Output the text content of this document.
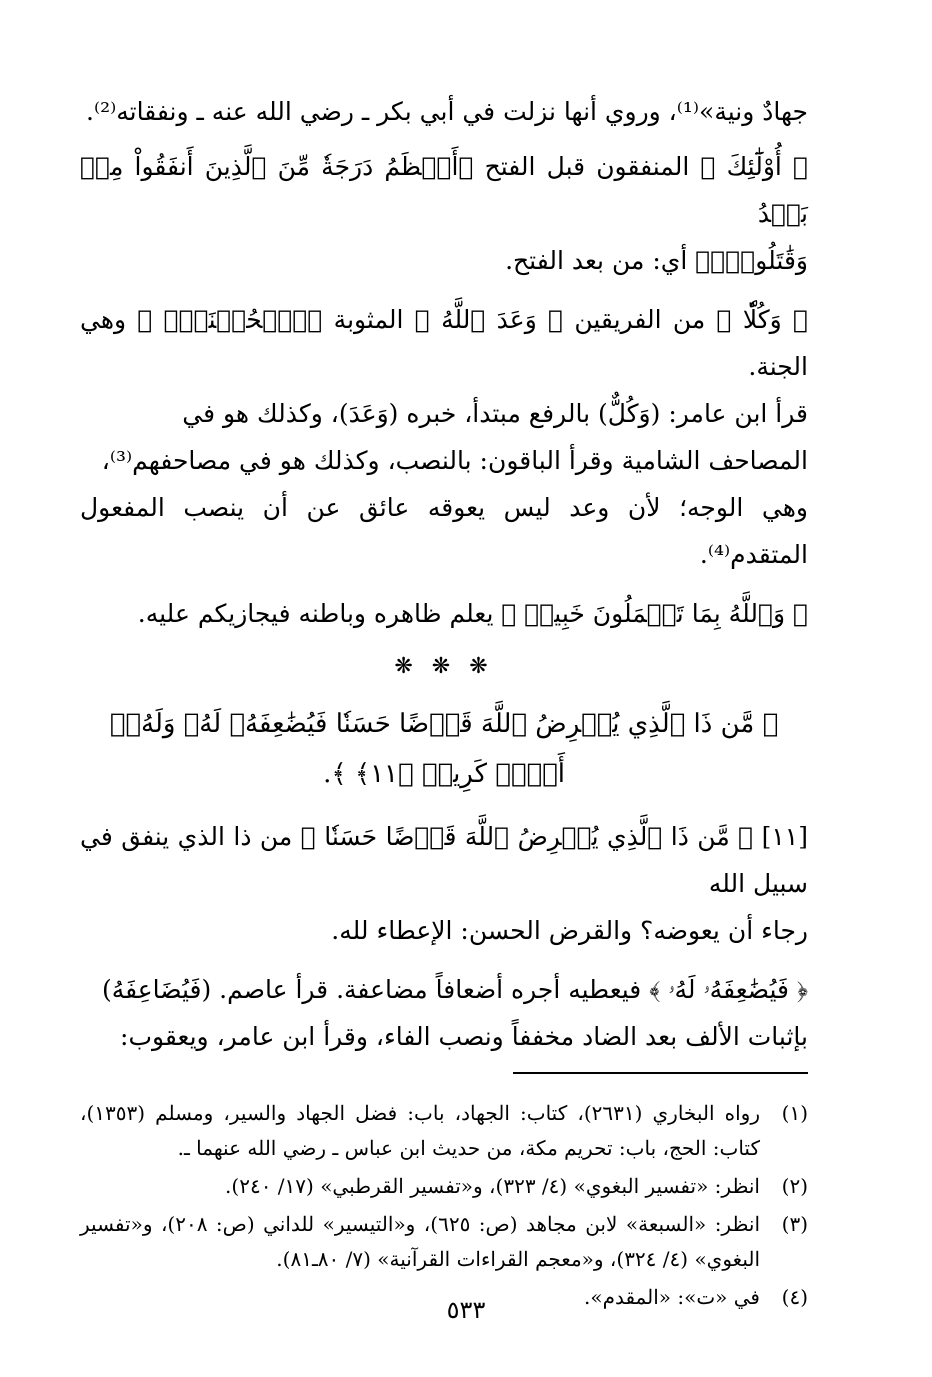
جهادٌ ونية»⁽¹⁾، وروي أنها نزلت في أبي بكر ـ رضي الله عنه ـ ونفقاته⁽²⁾.

﴿ أُوْلَٰٓئِكَ ﴾ المنفقون قبل الفتح ﴿أَعۡظَمُ دَرَجَةٗ مِّنَ ٱلَّذِينَ أَنفَقُواْ مِنۢ بَعۡدُ
وَقَٰتَلُواْۚ﴾ أي: من بعد الفتح.

﴿ وَكُلّٗا ﴾ من الفريقين ﴿ وَعَدَ ٱللَّهُ ﴾ المثوبة ﴿ٱلۡحُسۡنَىٰۚ ﴾ وهي الجنة.
قرأ ابن عامر: (وَكُلٌّ) بالرفع مبتدأ، خبره (وَعَدَ)، وكذلك هو في
المصاحف الشامية وقرأ الباقون: بالنصب، وكذلك هو في مصاحفهم⁽³⁾،
وهي الوجه؛ لأن وعد ليس يعوقه عائق عن أن ينصب المفعول المتقدم⁽⁴⁾.

﴿ وَٱللَّهُ بِمَا تَعۡمَلُونَ خَبِيرٞ ﴾ يعلم ظاهره وباطنه فيجازيكم عليه.

❋ ❋ ❋
﴿ مَّن ذَا ٱلَّذِي يُقۡرِضُ ٱللَّهَ قَرۡضًا حَسَنٗا فَيُضَٰعِفَهُۥ لَهُۥ وَلَهُۥٓ أَجۡرٞ كَرِيمٞ ﴿١١﴾ ﴾.

[١١] ﴿ مَّن ذَا ٱلَّذِي يُقۡرِضُ ٱللَّهَ قَرۡضًا حَسَنٗا ﴾ من ذا الذي ينفق في سبيل الله
رجاء أن يعوضه؟ والقرض الحسن: الإعطاء لله.

﴿ فَيُضَٰعِفَهُۥ لَهُۥ ﴾ فيعطيه أجره أضعافاً مضاعفة. قرأ عاصم. (فَيُضَاعِفَهُ)
بإثبات الألف بعد الضاد مخففاً ونصب الفاء، وقرأ ابن عامر، ويعقوب:

(١)
رواه البخاري (٢٦٣١)، كتاب: الجهاد، باب: فضل الجهاد والسير، ومسلم (١٣٥٣)، كتاب: الحج، باب: تحريم مكة، من حديث ابن عباس ـ رضي الله عنهما ـ.
(٢)
انظر: «تفسير البغوي» (٤/ ٣٢٣)، و«تفسير القرطبي» (١٧/ ٢٤٠).
(٣)
انظر: «السبعة» لابن مجاهد (ص: ٦٢٥)، و«التيسير» للداني (ص: ٢٠٨)، و«تفسير البغوي» (٤/ ٣٢٤)، و«معجم القراءات القرآنية» (٧/ ٨٠ـ٨١).
(٤)
في «ت»: «المقدم».
٥٣٣
